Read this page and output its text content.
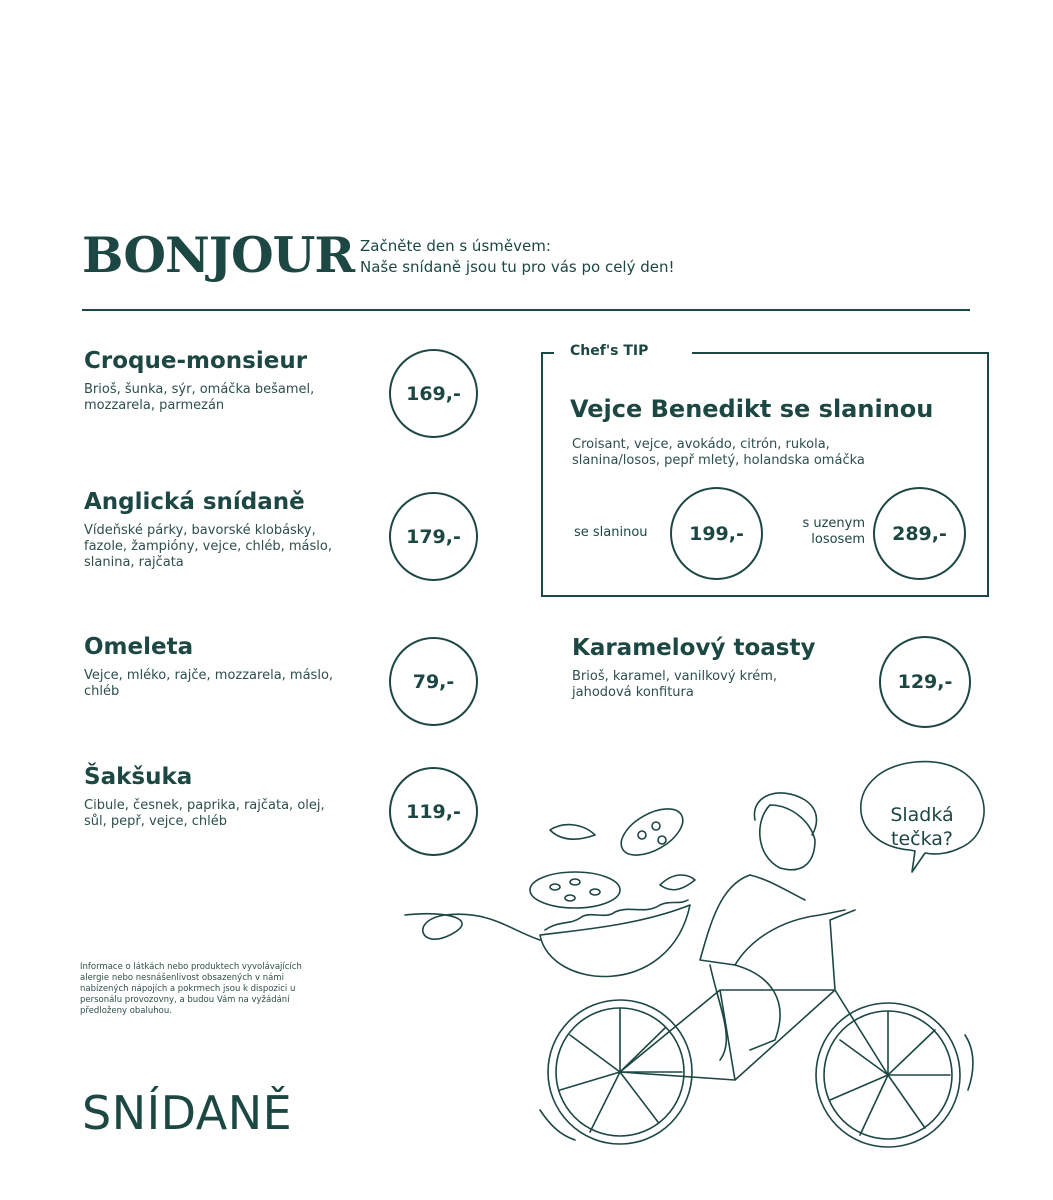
BONJOUR Začněte den s úsměvem:
Naše snídaně jsou tu pro vás po celý den!
Croque-monsieur
Brioš, šunka, sýr, omáčka bešamel,
mozzarela, parmezán
169,-
Anglická snídaně
Vídeňské párky, bavorské klobásky,
fazole, žampióny, vejce, chléb, máslo,
slanina, rajčata
179,-
Omeleta
Vejce, mléko, rajče, mozzarela, máslo,
chléb	79,-
Šakšuka
Cibule, česnek, paprika, rajčata, olej,
sůl, pepř, vejce, chléb	119,-
Chef's TIP
Vejce Benedikt se slaninou
Croisant, vejce, avokádo, citrón, rukola,
slanina/losos, pepř mletý, holandska omáčka
se slaninou	199,-	s uzenym
lososem	289,-
Karamelový toasty
Brioš, karamel, vanilkový krém,
jahodová konfitura	129,-
Sladká
tečka?
Informace o látkách nebo produktech vyvolávajících alergie nebo nesnášenlivost obsazených v námi nabízených nápojích a pokrmech jsou k dispozici u personálu provozovny, a budou Vám na vyžádání předloženy obaluhou.
SNÍDANĚ
